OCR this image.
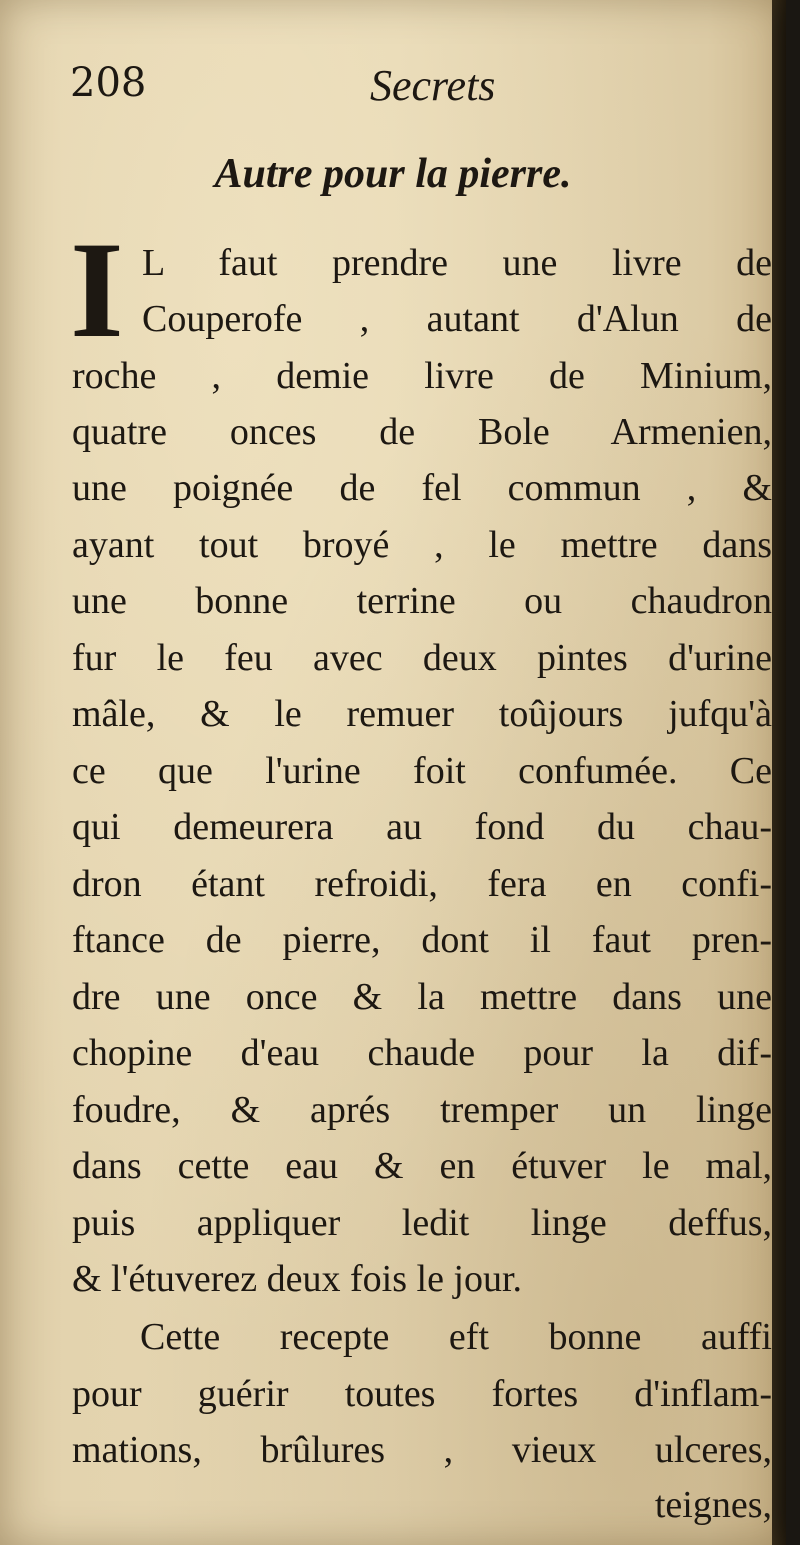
208	Secrets
Autre pour la pierre.
I L faut prendre une livre de
Couperofe , autant d'Alun de
roche , demie livre de Minium,
quatre onces de Bole Armenien,
une poignée de fel commun , &
ayant tout broyé , le mettre dans
une bonne terrine ou chaudron
fur le feu avec deux pintes d'urine
mâle, & le remuer toûjours jufqu'à
ce que l'urine foit confumée. Ce
qui demeurera au fond du chau-
dron étant refroidi, fera en confi-
ftance de pierre, dont il faut pren-
dre une once & la mettre dans une
chopine d'eau chaude pour la dif-
foudre, & aprés tremper un linge
dans cette eau & en étuver le mal,
puis appliquer ledit linge deffus,
& l'étuverez deux fois le jour.
Cette recepte eft bonne auffi
pour guérir toutes fortes d'inflam-
mations, brûlures , vieux ulceres,
teignes,
